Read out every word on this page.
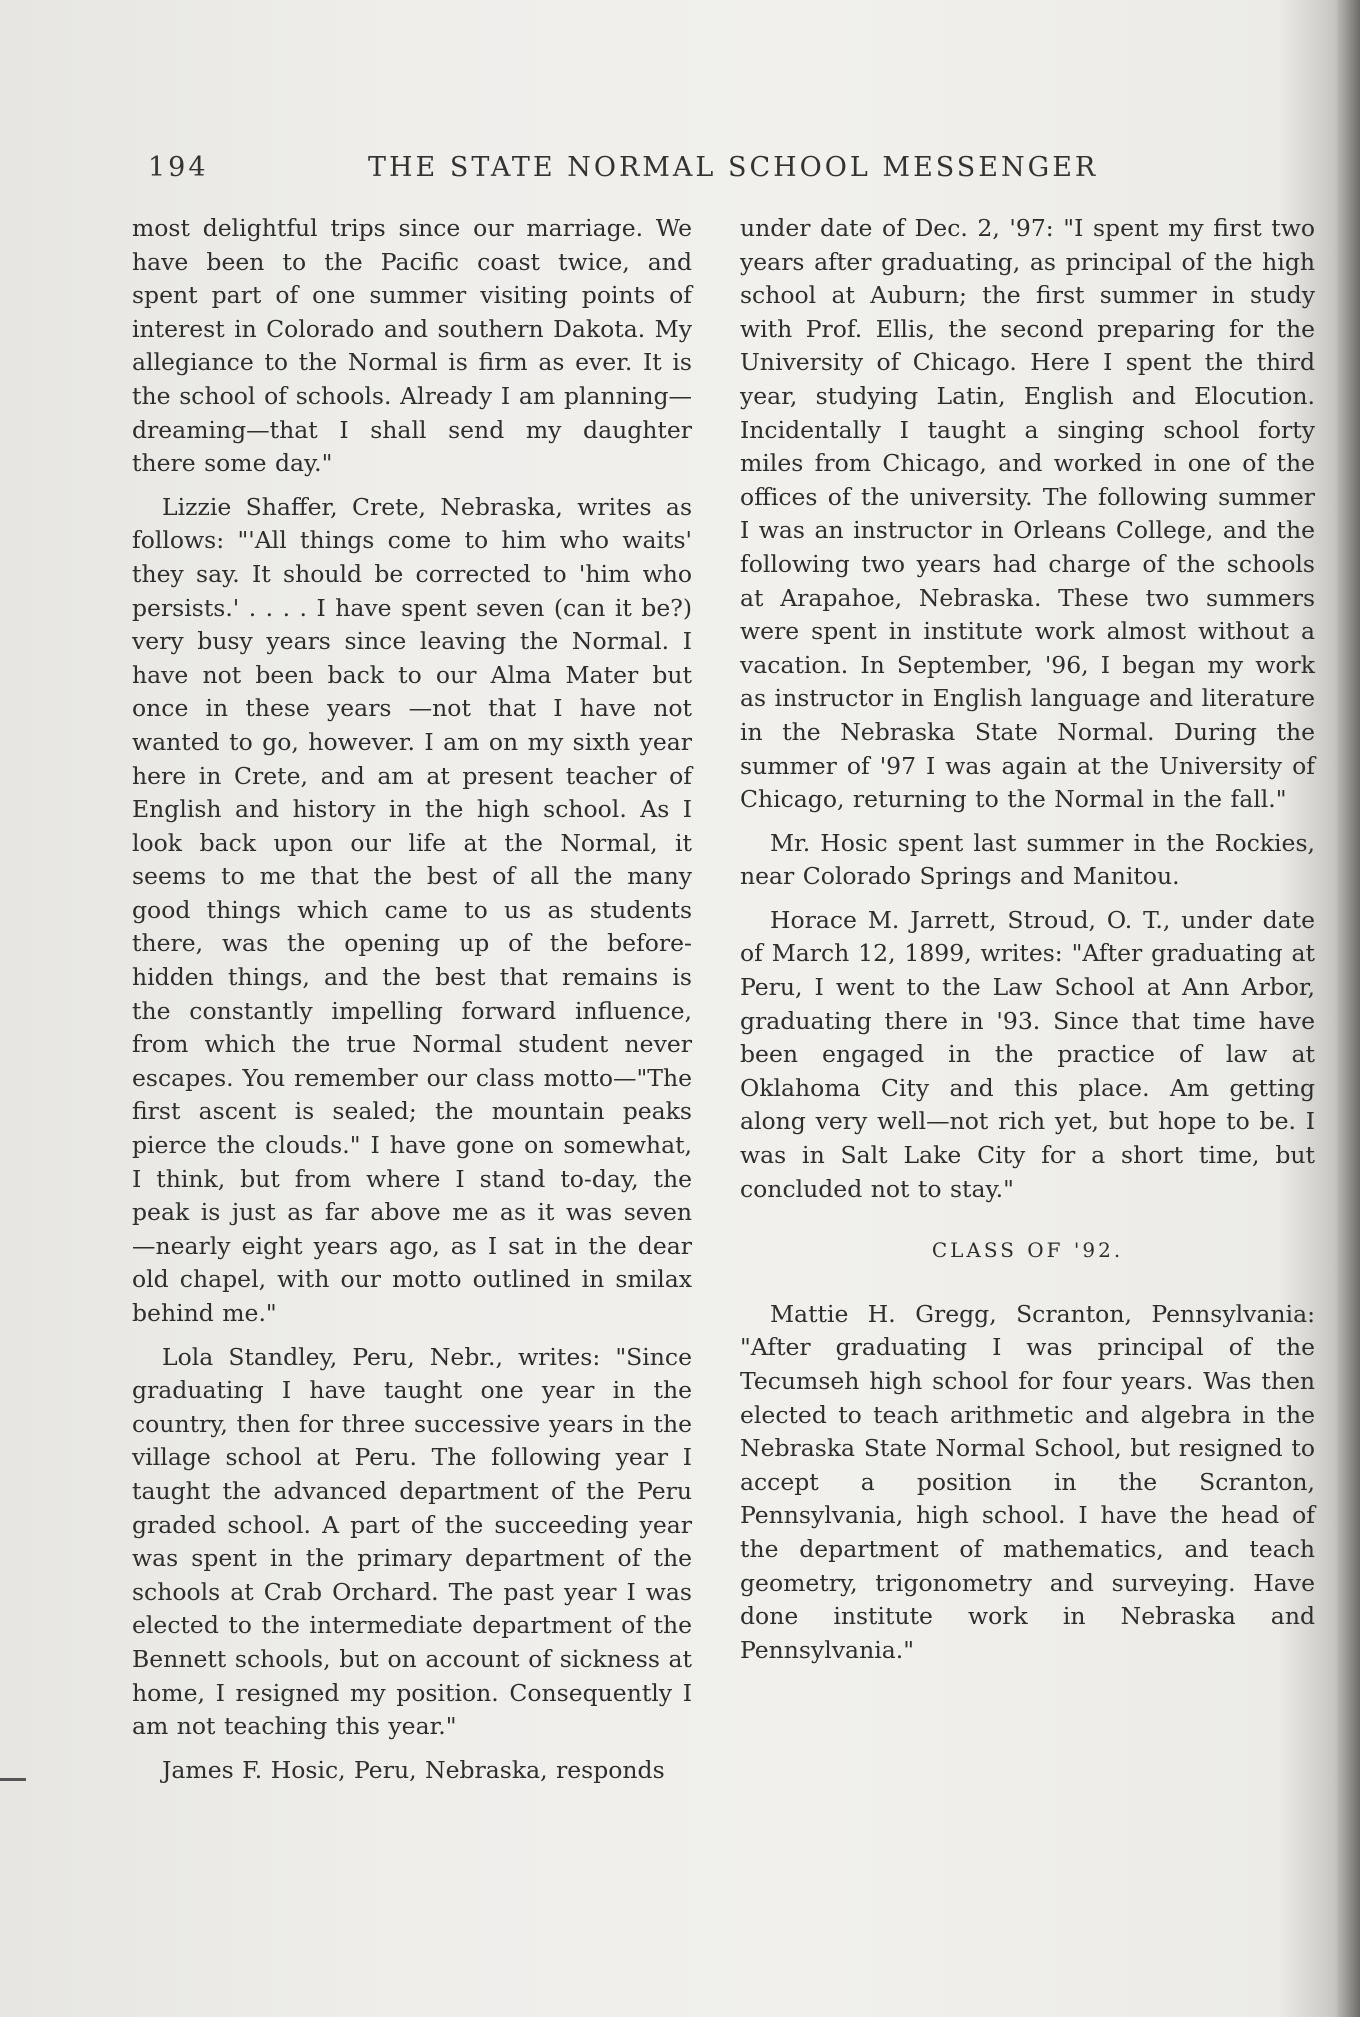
194	THE STATE NORMAL SCHOOL MESSENGER

most delightful trips since our marriage. We have been to the Pacific coast twice, and spent part of one summer visiting points of interest in Colorado and southern Dakota. My allegiance to the Normal is firm as ever. It is the school of schools. Already I am planning—dreaming—that I shall send my daughter there some day."

Lizzie Shaffer, Crete, Nebraska, writes as follows: "'All things come to him who waits' they say. It should be corrected to 'him who persists.' . . . . I have spent seven (can it be?) very busy years since leaving the Normal. I have not been back to our Alma Mater but once in these years —not that I have not wanted to go, however. I am on my sixth year here in Crete, and am at present teacher of English and history in the high school. As I look back upon our life at the Normal, it seems to me that the best of all the many good things which came to us as students there, was the opening up of the before-hidden things, and the best that remains is the constantly impelling forward influence, from which the true Normal student never escapes. You remember our class motto—"The first ascent is sealed; the mountain peaks pierce the clouds." I have gone on somewhat, I think, but from where I stand to-day, the peak is just as far above me as it was seven —nearly eight years ago, as I sat in the dear old chapel, with our motto outlined in smilax behind me."

Lola Standley, Peru, Nebr., writes: "Since graduating I have taught one year in the country, then for three successive years in the village school at Peru. The following year I taught the advanced department of the Peru graded school. A part of the succeeding year was spent in the primary department of the schools at Crab Orchard. The past year I was elected to the intermediate department of the Bennett schools, but on account of sickness at home, I resigned my position. Consequently I am not teaching this year."

James F. Hosic, Peru, Nebraska, responds

under date of Dec. 2, '97: "I spent my first two years after graduating, as principal of the high school at Auburn; the first summer in study with Prof. Ellis, the second preparing for the University of Chicago. Here I spent the third year, studying Latin, English and Elocution. Incidentally I taught a singing school forty miles from Chicago, and worked in one of the offices of the university. The following summer I was an instructor in Orleans College, and the following two years had charge of the schools at Arapahoe, Nebraska. These two summers were spent in institute work almost without a vacation. In September, '96, I began my work as instructor in English language and literature in the Nebraska State Normal. During the summer of '97 I was again at the University of Chicago, returning to the Normal in the fall."

Mr. Hosic spent last summer in the Rockies, near Colorado Springs and Manitou.

Horace M. Jarrett, Stroud, O. T., under date of March 12, 1899, writes: "After graduating at Peru, I went to the Law School at Ann Arbor, graduating there in '93. Since that time have been engaged in the practice of law at Oklahoma City and this place. Am getting along very well—not rich yet, but hope to be. I was in Salt Lake City for a short time, but concluded not to stay."

CLASS OF '92.

Mattie H. Gregg, Scranton, Pennsylvania: "After graduating I was principal of the Tecumseh high school for four years. Was then elected to teach arithmetic and algebra in the Nebraska State Normal School, but resigned to accept a position in the Scranton, Pennsylvania, high school. I have the head of the department of mathematics, and teach geometry, trigonometry and surveying. Have done institute work in Nebraska and Pennsylvania."
